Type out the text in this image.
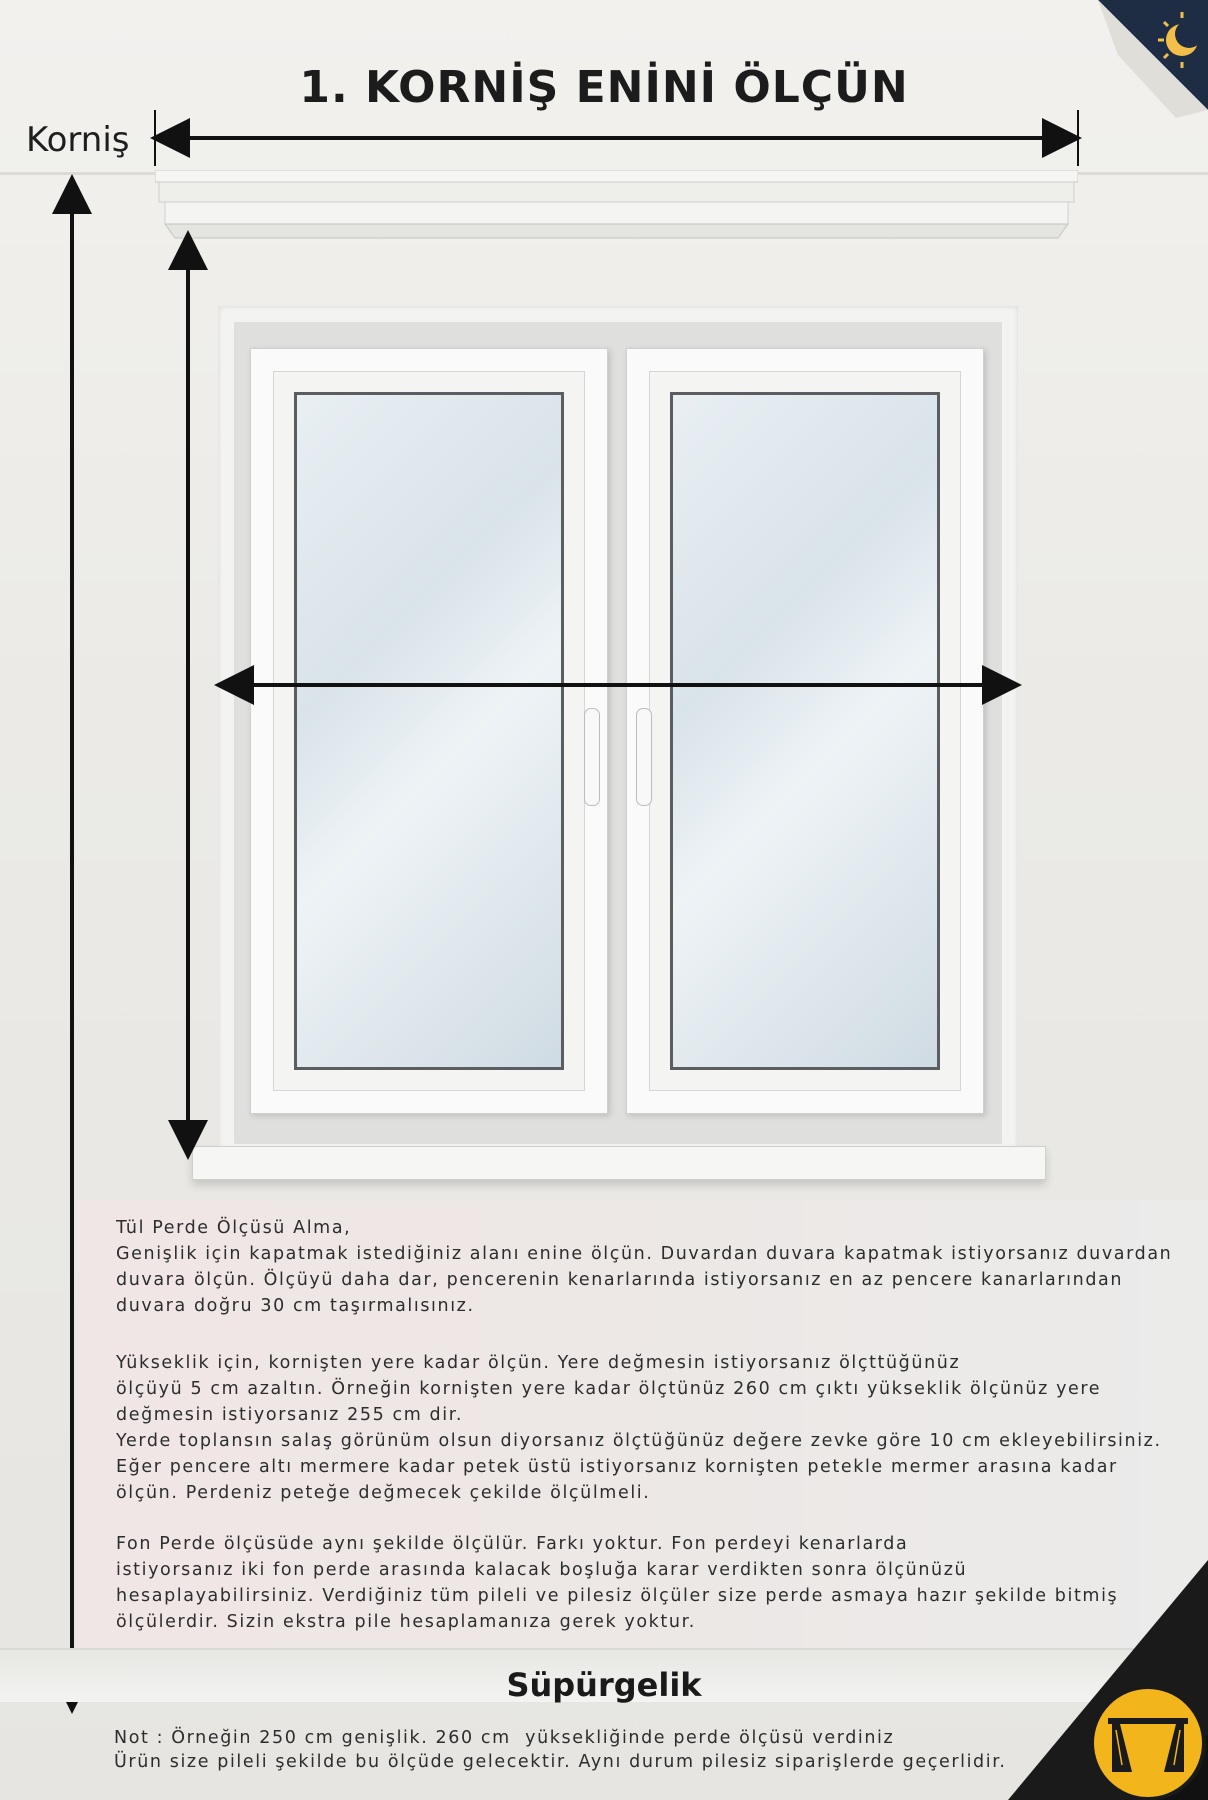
1. KORNİŞ ENİNİ ÖLÇÜN
Korniş
Tül Perde Ölçüsü Alma,
Genişlik için kapatmak istediğiniz alanı enine ölçün. Duvardan duvara kapatmak istiyorsanız duvardan
duvara ölçün. Ölçüyü daha dar, pencerenin kenarlarında istiyorsanız en az pencere kanarlarından
duvara doğru 30 cm taşırmalısınız.
Yükseklik için, kornişten yere kadar ölçün. Yere değmesin istiyorsanız ölçttüğünüz
ölçüyü 5 cm azaltın. Örneğin kornişten yere kadar ölçtünüz 260 cm çıktı yükseklik ölçünüz yere
değmesin istiyorsanız 255 cm dir.
Yerde toplansın salaş görünüm olsun diyorsanız ölçtüğünüz değere zevke göre 10 cm ekleyebilirsiniz.
Eğer pencere altı mermere kadar petek üstü istiyorsanız kornişten petekle mermer arasına kadar
ölçün. Perdeniz peteğe değmecek çekilde ölçülmeli.
Fon Perde ölçüsüde aynı şekilde ölçülür. Farkı yoktur. Fon perdeyi kenarlarda
istiyorsanız iki fon perde arasında kalacak boşluğa karar verdikten sonra ölçünüzü
hesaplayabilirsiniz. Verdiğiniz tüm pileli ve pilesiz ölçüler size perde asmaya hazır şekilde bitmiş
ölçülerdir. Sizin ekstra pile hesaplamanıza gerek yoktur.
Süpürgelik
Not : Örneğin 250 cm genişlik. 260 cm  yüksekliğinde perde ölçüsü verdiniz
Ürün size pileli şekilde bu ölçüde gelecektir. Aynı durum pilesiz siparişlerde geçerlidir.
